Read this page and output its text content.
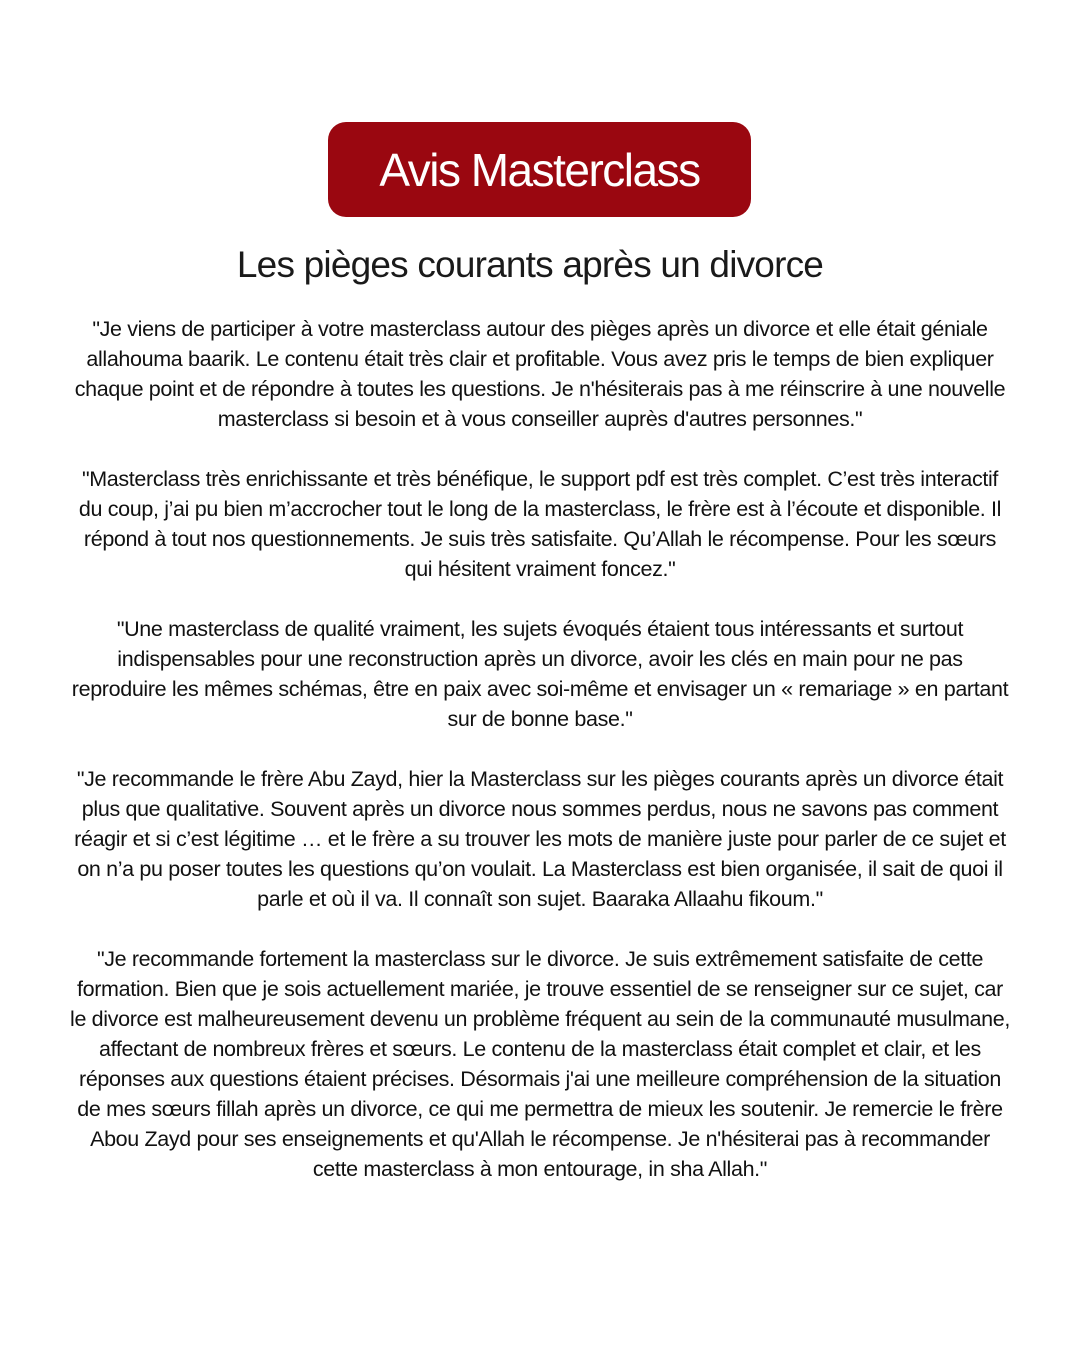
Avis Masterclass
Les pièges courants après un divorce

"Je viens de participer à votre masterclass autour des pièges après un divorce et elle était géniale allahouma baarik. Le contenu était très clair et profitable. Vous avez pris le temps de bien expliquer chaque point et de répondre à toutes les questions. Je n'hésiterais pas à me réinscrire à une nouvelle masterclass si besoin et à vous conseiller auprès d'autres personnes."

"Masterclass très enrichissante et très bénéfique, le support pdf est très complet. C’est très interactif du coup, j’ai pu bien m’accrocher tout le long de la masterclass, le frère est à l’écoute et disponible. Il répond à tout nos questionnements. Je suis très satisfaite. Qu’Allah le récompense. Pour les sœurs qui hésitent vraiment foncez."

"Une masterclass de qualité vraiment, les sujets évoqués étaient tous intéressants et surtout indispensables pour une reconstruction après un divorce, avoir les clés en main pour ne pas reproduire les mêmes schémas, être en paix avec soi-même et envisager un « remariage » en partant sur de bonne base."

"Je recommande le frère Abu Zayd, hier la Masterclass sur les pièges courants après un divorce était plus que qualitative. Souvent après un divorce nous sommes perdus, nous ne savons pas comment réagir et si c’est légitime … et le frère a su trouver les mots de manière juste pour parler de ce sujet et on n’a pu poser toutes les questions qu’on voulait. La Masterclass est bien organisée, il sait de quoi il parle et où il va. Il connaît son sujet. Baaraka Allaahu fikoum."

"Je recommande fortement la masterclass sur le divorce. Je suis extrêmement satisfaite de cette formation. Bien que je sois actuellement mariée, je trouve essentiel de se renseigner sur ce sujet, car le divorce est malheureusement devenu un problème fréquent au sein de la communauté musulmane, affectant de nombreux frères et sœurs. Le contenu de la masterclass était complet et clair, et les réponses aux questions étaient précises. Désormais j'ai une meilleure compréhension de la situation de mes sœurs fillah après un divorce, ce qui me permettra de mieux les soutenir. Je remercie le frère Abou Zayd pour ses enseignements et qu'Allah le récompense. Je n'hésiterai pas à recommander cette masterclass à mon entourage, in sha Allah."
